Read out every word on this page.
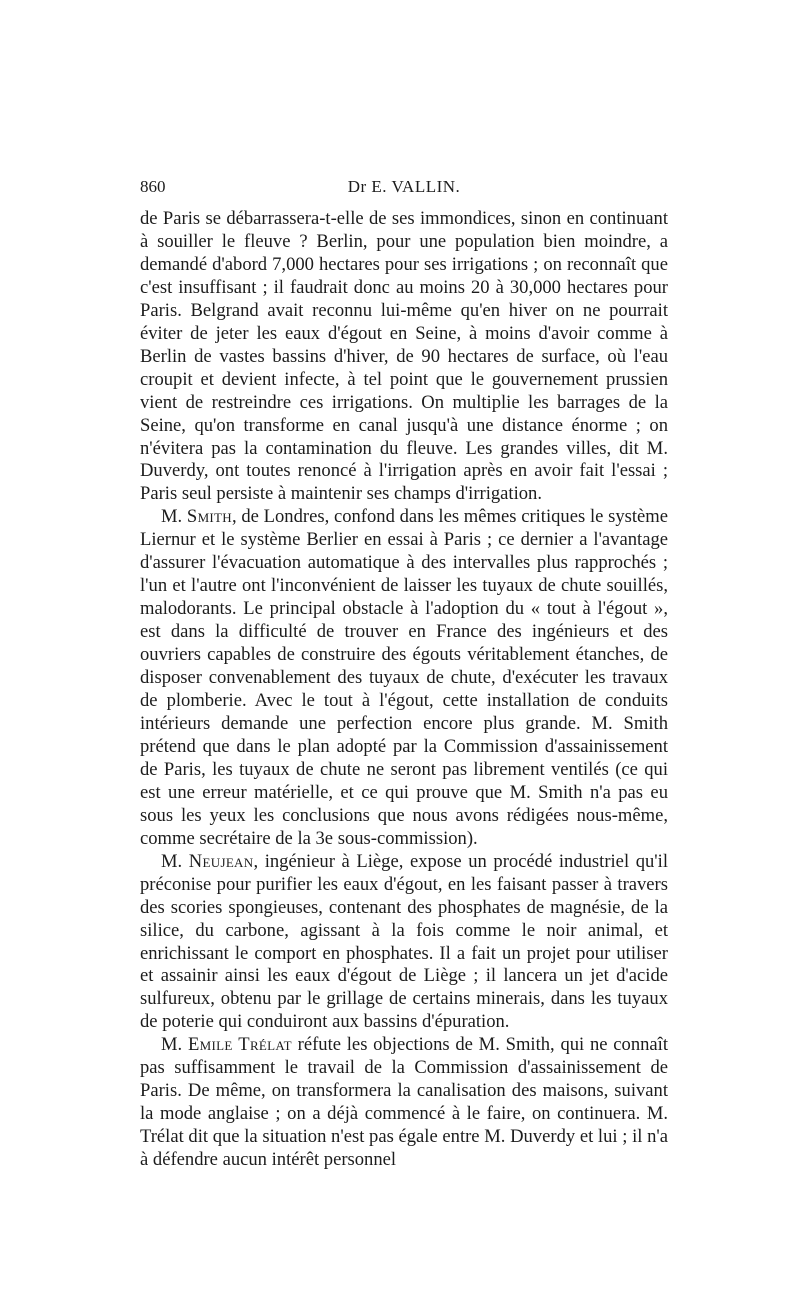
860	Dr E. VALLIN.

de Paris se débarrassera-t-elle de ses immondices, sinon en continuant à souiller le fleuve ? Berlin, pour une population bien moindre, a demandé d'abord 7,000 hectares pour ses irrigations ; on reconnaît que c'est insuffisant ; il faudrait donc au moins 20 à 30,000 hectares pour Paris. Belgrand avait reconnu lui-même qu'en hiver on ne pourrait éviter de jeter les eaux d'égout en Seine, à moins d'avoir comme à Berlin de vastes bassins d'hiver, de 90 hectares de surface, où l'eau croupit et devient infecte, à tel point que le gouvernement prussien vient de restreindre ces irrigations. On multiplie les barrages de la Seine, qu'on transforme en canal jusqu'à une distance énorme ; on n'évitera pas la contamination du fleuve. Les grandes villes, dit M. Duverdy, ont toutes renoncé à l'irrigation après en avoir fait l'essai ; Paris seul persiste à maintenir ses champs d'irrigation.

M. Smith, de Londres, confond dans les mêmes critiques le système Liernur et le système Berlier en essai à Paris ; ce dernier a l'avantage d'assurer l'évacuation automatique à des intervalles plus rapprochés ; l'un et l'autre ont l'inconvénient de laisser les tuyaux de chute souillés, malodorants. Le principal obstacle à l'adoption du « tout à l'égout », est dans la difficulté de trouver en France des ingénieurs et des ouvriers capables de construire des égouts véritablement étanches, de disposer convenablement des tuyaux de chute, d'exécuter les travaux de plomberie. Avec le tout à l'égout, cette installation de conduits intérieurs demande une perfection encore plus grande. M. Smith prétend que dans le plan adopté par la Commission d'assainissement de Paris, les tuyaux de chute ne seront pas librement ventilés (ce qui est une erreur matérielle, et ce qui prouve que M. Smith n'a pas eu sous les yeux les conclusions que nous avons rédigées nous-même, comme secrétaire de la 3e sous-commission).

M. Neujean, ingénieur à Liège, expose un procédé industriel qu'il préconise pour purifier les eaux d'égout, en les faisant passer à travers des scories spongieuses, contenant des phosphates de magnésie, de la silice, du carbone, agissant à la fois comme le noir animal, et enrichissant le comport en phosphates. Il a fait un projet pour utiliser et assainir ainsi les eaux d'égout de Liège ; il lancera un jet d'acide sulfureux, obtenu par le grillage de certains minerais, dans les tuyaux de poterie qui conduiront aux bassins d'épuration.

M. Emile Trélat réfute les objections de M. Smith, qui ne connaît pas suffisamment le travail de la Commission d'assainissement de Paris. De même, on transformera la canalisation des maisons, suivant la mode anglaise ; on a déjà commencé à le faire, on continuera. M. Trélat dit que la situation n'est pas égale entre M. Duverdy et lui ; il n'a à défendre aucun intérêt personnel
